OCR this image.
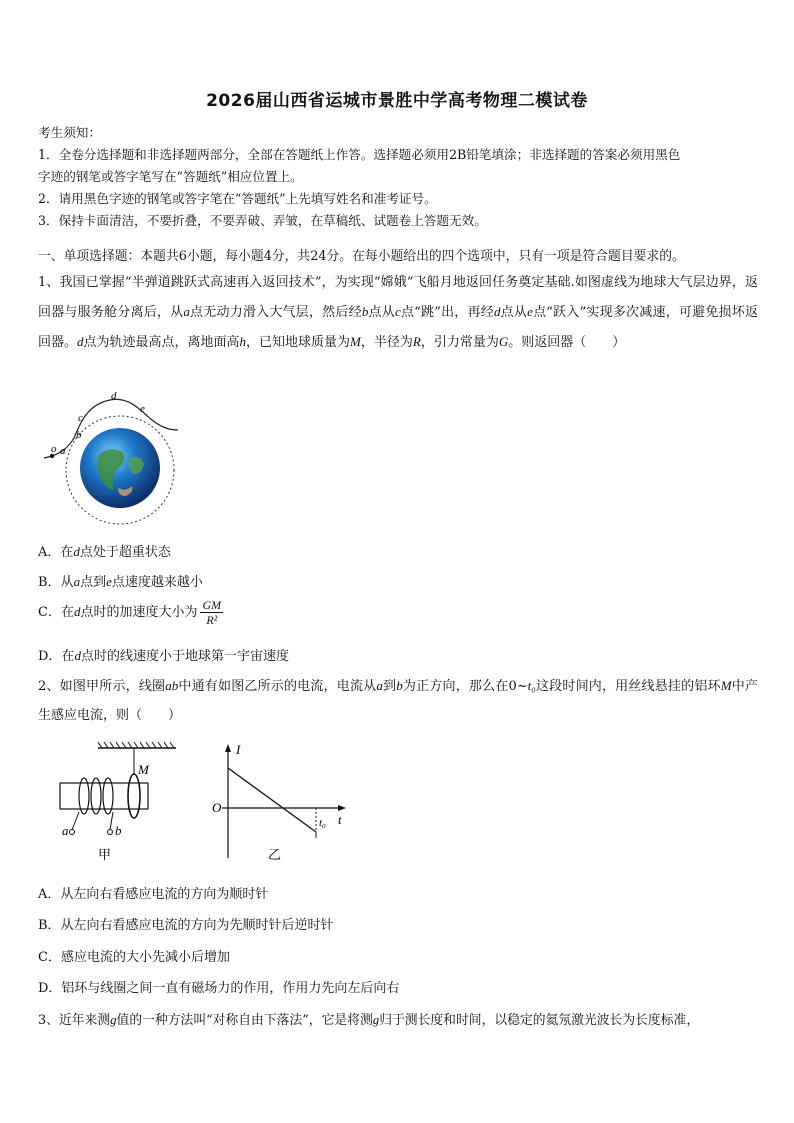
2026届山西省运城市景胜中学高考物理二模试卷
考生须知：
1．全卷分选择题和非选择题两部分，全部在答题纸上作答。选择题必须用2B铅笔填涂；非选择题的答案必须用黑色
字迹的钢笔或答字笔写在“答题纸”相应位置上。
2．请用黑色字迹的钢笔或答字笔在“答题纸”上先填写姓名和准考证号。
3．保持卡面清洁，不要折叠，不要弄破、弄皱，在草稿纸、试题卷上答题无效。
一、单项选择题：本题共6小题，每小题4分，共24分。在每小题给出的四个选项中，只有一项是符合题目要求的。
1、我国已掌握“半弹道跳跃式高速再入返回技术”，为实现“嫦娥”飞船月地返回任务奠定基础.如图虚线为地球大气层边界，返回器与服务舱分离后，从a点无动力滑入大气层，然后经b点从c点“跳”出，再经d点从e点“跃入”实现多次减速，可避免损坏返回器。d点为轨迹最高点，离地面高h，已知地球质量为M，半径为R，引力常量为G。则返回器（　　）
o a
b
c
d
e
A．在d点处于超重状态
B．从a点到e点速度越来越小
C．在d点时的加速度大小为 $\frac{GM}{\text{R²}}$
D．在d点时的线速度小于地球第一宇宙速度
2、如图甲所示，线圈ab中通有如图乙所示的电流，电流从a到b为正方向，那么在0~t₀这段时间内，用丝线悬挂的铝环M中产生感应电流，则（　　）
M
a	b
甲
I
O
t₀ t
乙
A．从左向右看感应电流的方向为顺时针
B．从左向右看感应电流的方向为先顺时针后逆时针
C．感应电流的大小先减小后增加
D．铝环与线圈之间一直有磁场力的作用，作用力先向左后向右
3、近年来测g值的一种方法叫“对称自由下落法”，它是将测g归于测长度和时间，以稳定的氦氖激光波长为长度标准，
